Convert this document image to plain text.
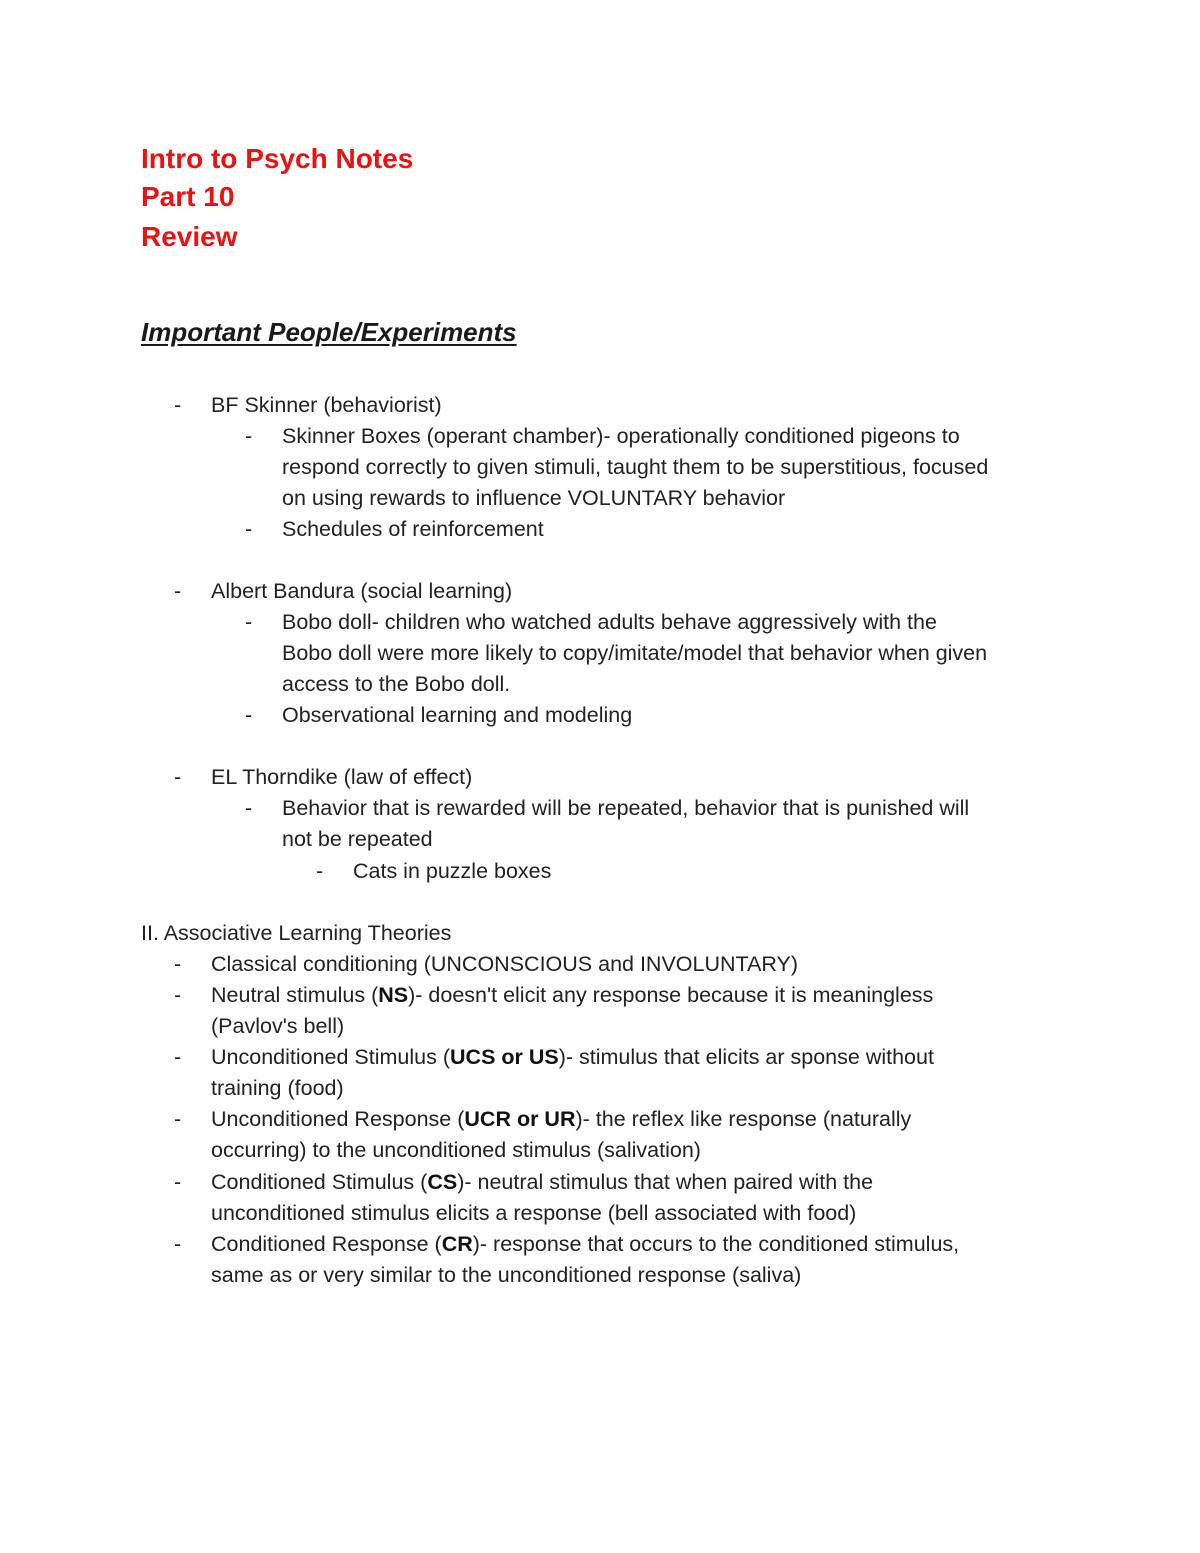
Intro to Psych Notes
Part 10
Review
Important People/Experiments
- BF Skinner (behaviorist)
- Skinner Boxes (operant chamber)- operationally conditioned pigeons to
respond correctly to given stimuli, taught them to be superstitious, focused
on using rewards to influence VOLUNTARY behavior
- Schedules of reinforcement
- Albert Bandura (social learning)
- Bobo doll- children who watched adults behave aggressively with the
Bobo doll were more likely to copy/imitate/model that behavior when given
access to the Bobo doll.
- Observational learning and modeling
- EL Thorndike (law of effect)
- Behavior that is rewarded will be repeated, behavior that is punished will
not be repeated
- Cats in puzzle boxes
II. Associative Learning Theories
- Classical conditioning (UNCONSCIOUS and INVOLUNTARY)
- Neutral stimulus (NS)- doesn't elicit any response because it is meaningless
(Pavlov's bell)
- Unconditioned Stimulus (UCS or US)- stimulus that elicits ar sponse without
training (food)
- Unconditioned Response (UCR or UR)- the reflex like response (naturally
occurring) to the unconditioned stimulus (salivation)
- Conditioned Stimulus (CS)- neutral stimulus that when paired with the
unconditioned stimulus elicits a response (bell associated with food)
- Conditioned Response (CR)- response that occurs to the conditioned stimulus,
same as or very similar to the unconditioned response (saliva)
